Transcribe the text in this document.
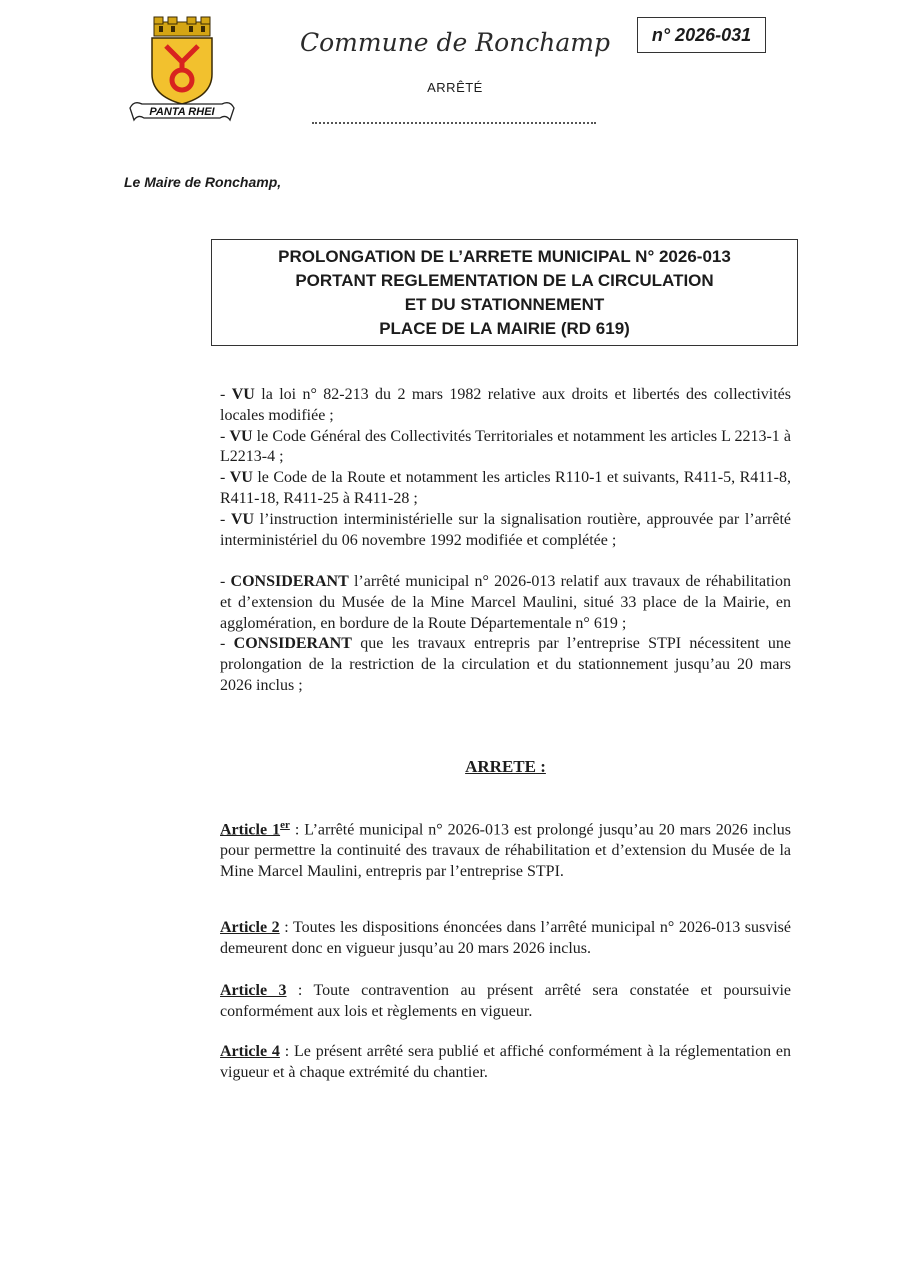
PANTA RHEI
Commune de Ronchamp
ARRÊTÉ
n° 2026-031
Le Maire de Ronchamp,
PROLONGATION DE L’ARRETE MUNICIPAL N° 2026-013
PORTANT REGLEMENTATION DE LA CIRCULATION
ET DU STATIONNEMENT
PLACE DE LA MAIRIE (RD 619)

- VU la loi n° 82-213 du 2 mars 1982 relative aux droits et libertés des collectivités locales modifiée ;

- VU le Code Général des Collectivités Territoriales et notamment les articles L 2213-1 à L2213-4 ;

- VU le Code de la Route et notamment les articles R110-1 et suivants, R411-5, R411-8, R411-18, R411-25 à R411-28 ;

- VU l’instruction interministérielle sur la signalisation routière, approuvée par l’arrêté interministériel du 06 novembre 1992 modifiée et complétée ;

- CONSIDERANT l’arrêté municipal n° 2026-013 relatif aux travaux de réhabilitation et d’extension du Musée de la Mine Marcel Maulini, situé 33 place de la Mairie, en agglomération, en bordure de la Route Départementale n° 619 ;

- CONSIDERANT que les travaux entrepris par l’entreprise STPI nécessitent une prolongation de la restriction de la circulation et du stationnement jusqu’au 20 mars 2026 inclus ;

ARRETE :

Article 1er : L’arrêté municipal n° 2026-013 est prolongé jusqu’au 20 mars 2026 inclus pour permettre la continuité des travaux de réhabilitation et d’extension du Musée de la Mine Marcel Maulini, entrepris par l’entreprise STPI.

Article 2 : Toutes les dispositions énoncées dans l’arrêté municipal n° 2026-013 susvisé demeurent donc en vigueur jusqu’au 20 mars 2026 inclus.

Article 3 : Toute contravention au présent arrêté sera constatée et poursuivie conformément aux lois et règlements en vigueur.

Article 4 : Le présent arrêté sera publié et affiché conformément à la réglementation en vigueur et à chaque extrémité du chantier.
